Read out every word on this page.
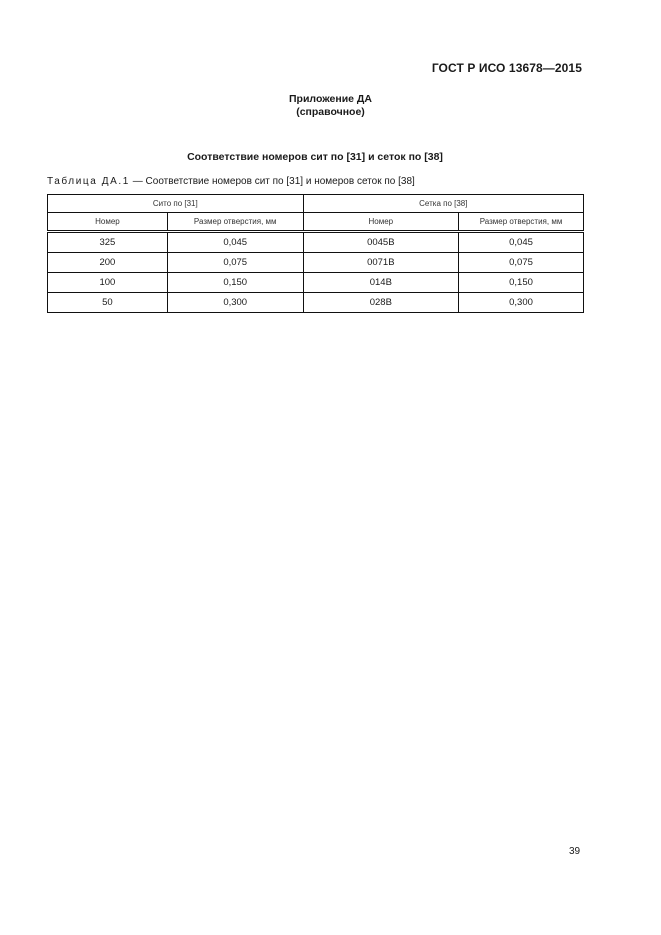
ГОСТ Р ИСО 13678—2015
Приложение ДА
(справочное)
Соответствие номеров сит по [31] и сеток по [38]
Таблица ДА.1 — Соответствие номеров сит по [31] и номеров сеток по [38]
Сито по [31]		Сетка по [38]	
Номер	Размер отверстия, мм	Номер	Размер отверстия, мм
325	0,045	0045В	0,045
200	0,075	0071В	0,075
100	0,150	014В	0,150
50	0,300	028В	0,300
39
